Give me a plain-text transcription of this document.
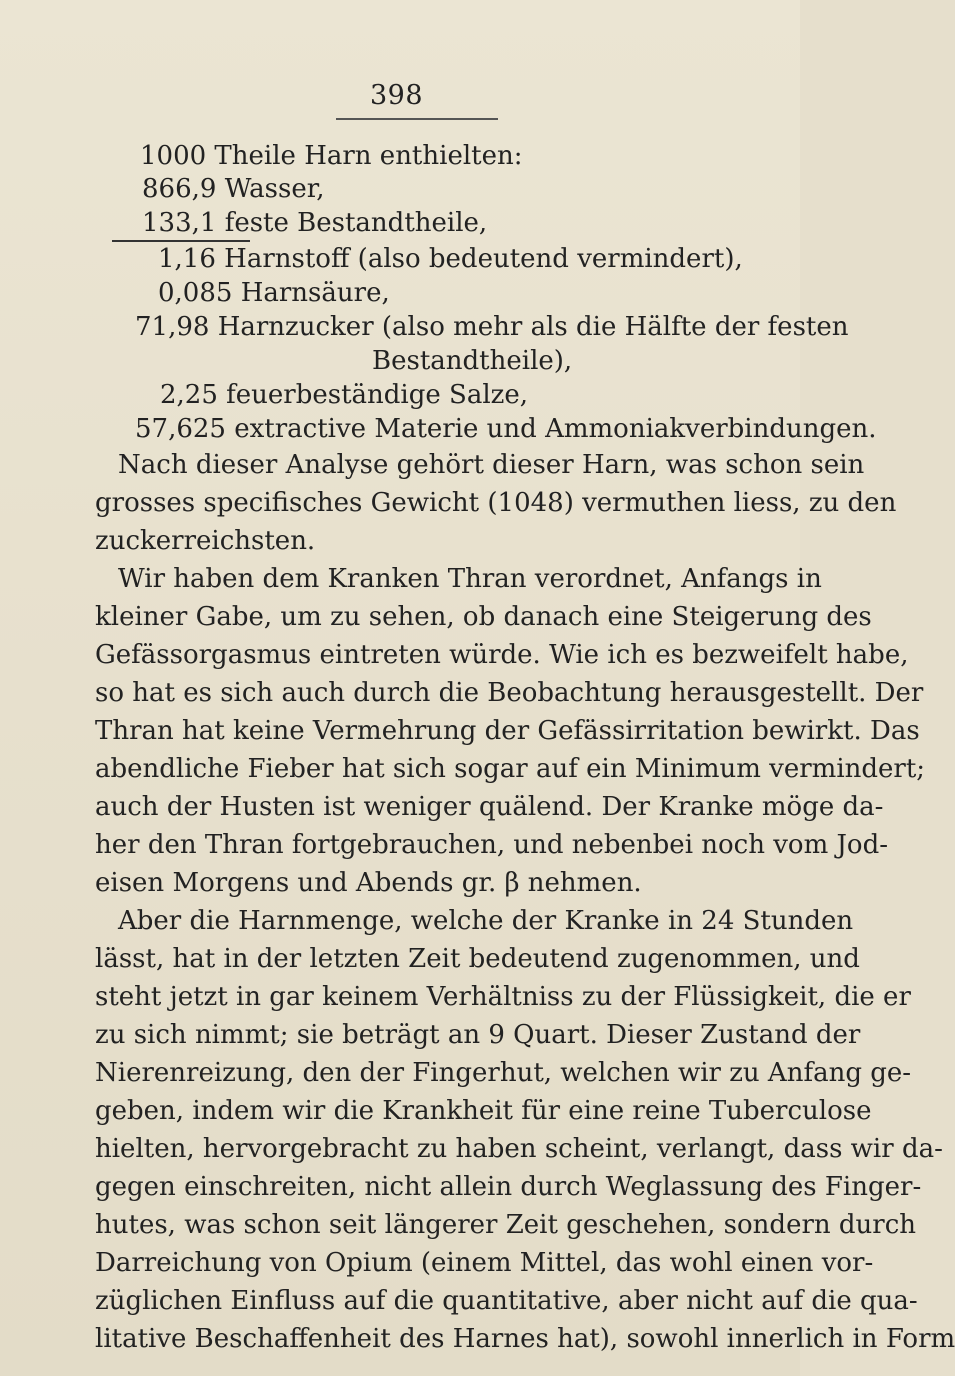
398
1000 Theile Harn enthielten:
866,9 Wasser,
133,1 feste Bestandtheile,
1,16 Harnstoff (also bedeutend vermindert),
0,085 Harnsäure,
71,98 Harnzucker (also mehr als die Hälfte der festen
Bestandtheile),
2,25 feuerbeständige Salze,
57,625 extractive Materie und Ammoniakverbindungen.
Nach dieser Analyse gehört dieser Harn, was schon sein
grosses specifisches Gewicht (1048) vermuthen liess, zu den
zuckerreichsten.
Wir haben dem Kranken Thran verordnet, Anfangs in
kleiner Gabe, um zu sehen, ob danach eine Steigerung des
Gefässorgasmus eintreten würde. Wie ich es bezweifelt habe,
so hat es sich auch durch die Beobachtung herausgestellt. Der
Thran hat keine Vermehrung der Gefässirritation bewirkt. Das
abendliche Fieber hat sich sogar auf ein Minimum vermindert;
auch der Husten ist weniger quälend. Der Kranke möge da-
her den Thran fortgebrauchen, und nebenbei noch vom Jod-
eisen Morgens und Abends gr. β nehmen.
Aber die Harnmenge, welche der Kranke in 24 Stunden
lässt, hat in der letzten Zeit bedeutend zugenommen, und
steht jetzt in gar keinem Verhältniss zu der Flüssigkeit, die er
zu sich nimmt; sie beträgt an 9 Quart. Dieser Zustand der
Nierenreizung, den der Fingerhut, welchen wir zu Anfang ge-
geben, indem wir die Krankheit für eine reine Tuberculose
hielten, hervorgebracht zu haben scheint, verlangt, dass wir da-
gegen einschreiten, nicht allein durch Weglassung des Finger-
hutes, was schon seit längerer Zeit geschehen, sondern durch
Darreichung von Opium (einem Mittel, das wohl einen vor-
züglichen Einfluss auf die quantitative, aber nicht auf die qua-
litative Beschaffenheit des Harnes hat), sowohl innerlich in Form
